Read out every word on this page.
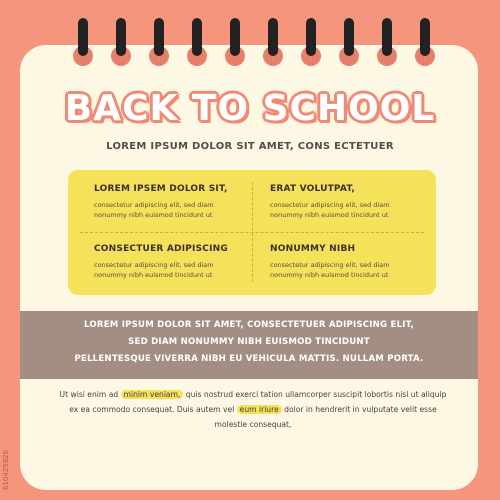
BACK TO SCHOOL
LOREM IPSUM DOLOR SIT AMET, CONS ECTETUER
LOREM IPSEM DOLOR SIT,

consectetur adipiscing elit, sed diam
nonummy nibh euismod tincidunt ut

ERAT VOLUTPAT,

consectetur adipiscing elit, sed diam
nonummy nibh euismod tincidunt ut

CONSECTUER ADIPISCING

consectetur adipiscing elit, sed diam
nonummy nibh euismod tincidunt ut

NONUMMY NIBH

consectetur adipiscing elit, sed diam
nonummy nibh euismod tincidunt ut

LOREM IPSUM DOLOR SIT AMET, CONSECTETUER ADIPISCING ELIT,

SED DIAM NONUMMY NIBH EUISMOD TINCIDUNT

PELLENTESQUE VIVERRA NIBH EU VEHICULA MATTIS. NULLAM PORTA.

Ut wisi enim ad minim veniam, quis nostrud exerci tation ullamcorper suscipit lobortis nisl ut aliquip ex ea commodo consequat. Duis autem vel eum iriure dolor in hendrerit in vulputate velit esse molestie consequat,
610425826
